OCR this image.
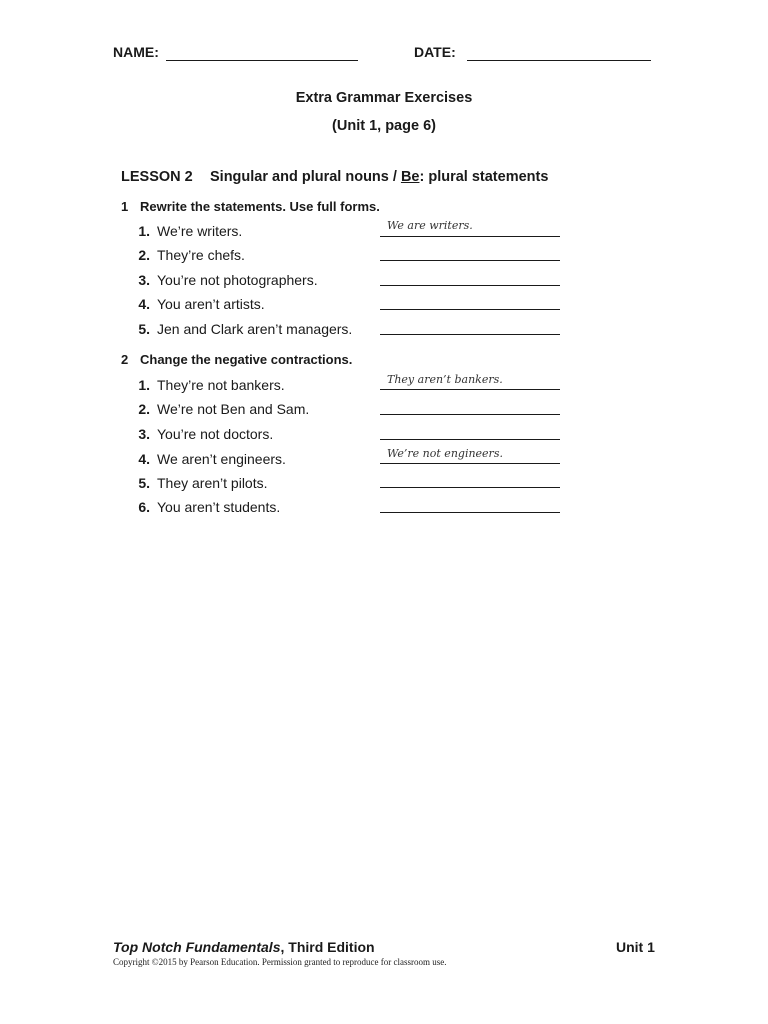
NAME:	DATE:
Extra Grammar Exercises
(Unit 1, page 6)
LESSON 2 Singular and plural nouns / Be: plural statements
1 Rewrite the statements. Use full forms.
1. We’re writers.	We are writers.
2. They’re chefs.
3. You’re not photographers.
4. You aren’t artists.
5. Jen and Clark aren’t managers.
2 Change the negative contractions.
1. They’re not bankers.	They aren’t bankers.
2. We’re not Ben and Sam.
3. You’re not doctors.
4. We aren’t engineers.	We’re not engineers.
5. They aren’t pilots.
6. You aren’t students.
Top Notch Fundamentals, Third Edition	Unit 1
Copyright ©2015 by Pearson Education. Permission granted to reproduce for classroom use.
